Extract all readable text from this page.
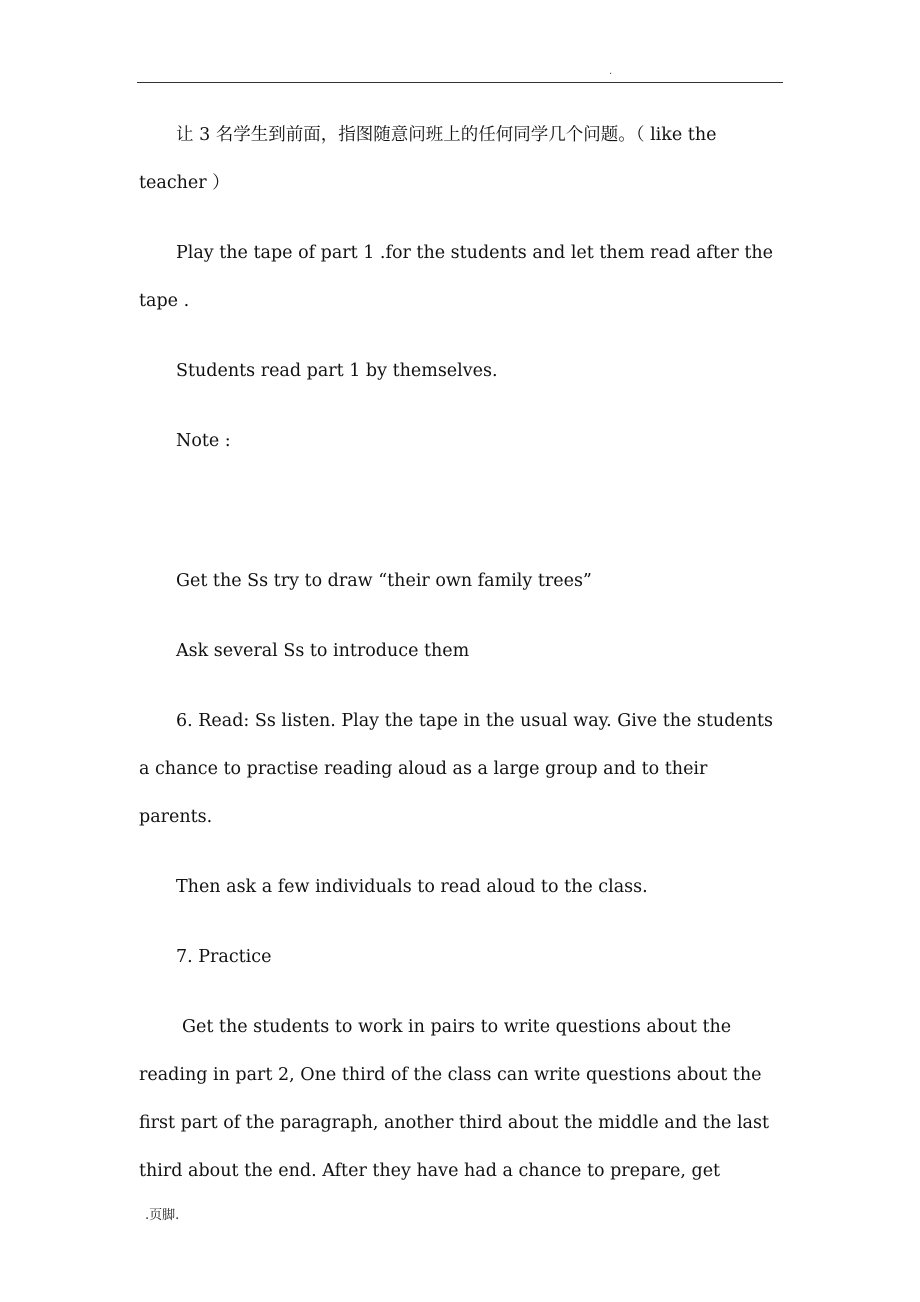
.

让 3 名学生到前面，指图随意问班上的任何同学几个问题。（ like the teacher ）

Play the tape of part 1 .for the students and let them read after the tape .

Students read part 1 by themselves.

Note :

Get the Ss try to draw “their own family trees”

Ask several Ss to introduce them

6. Read: Ss listen. Play the tape in the usual way. Give the students a chance to practise reading aloud as a large group and to their parents.

Then ask a few individuals to read aloud to the class.

7. Practice

Get the students to work in pairs to write questions about the reading in part 2, One third of the class can write questions about the first part of the paragraph, another third about the middle and the last third about the end. After they have had a chance to prepare, get

.页脚.
